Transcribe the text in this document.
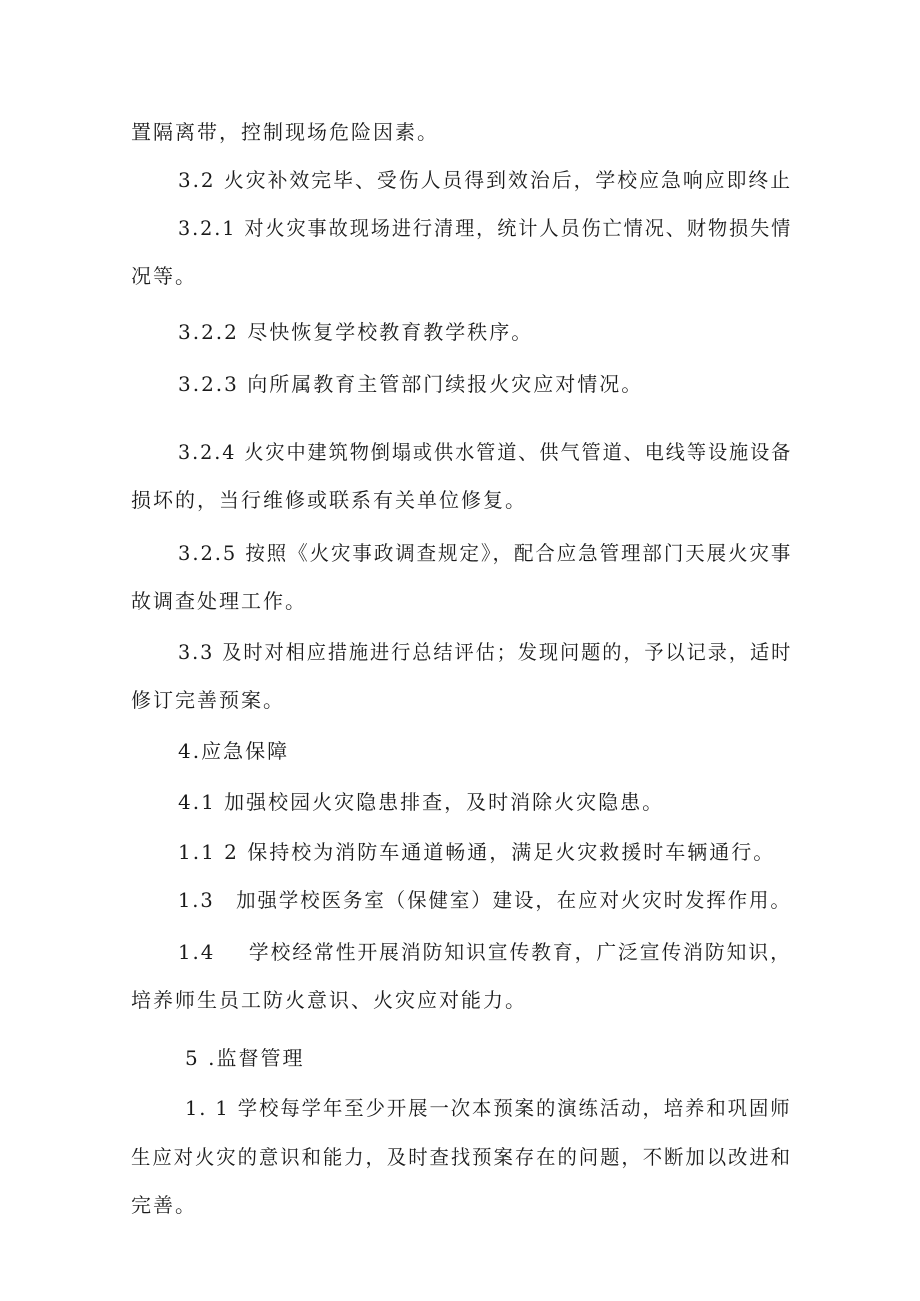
置隔离带，控制现场危险因素。
3.2 火灾补效完毕、受伤人员得到效治后，学校应急响应即终止
3.2.1 对火灾事故现场进行清理，统计人员伤亡情况、财物损失情
况等。
3.2.2 尽快恢复学校教育教学秩序。
3.2.3 向所属教育主管部门续报火灾应对情况。
3.2.4 火灾中建筑物倒塌或供水管道、供气管道、电线等设施设备
损坏的，当行维修或联系有关单位修复。
3.2.5 按照《火灾事政调查规定》，配合应急管理部门天展火灾事
故调查处理工作。
3.3 及时对相应措施进行总结评估；发现问题的，予以记录，适时
修订完善预案。
4.应急保障
4.1 加强校园火灾隐患排查，及时消除火灾隐患。
1.1 2 保持校为消防车通道畅通，满足火灾救援时车辆通行。
1.3 加强学校医务室（保健室）建设，在应对火灾时发挥作用。
1.4 学校经常性开展消防知识宣传教育，广泛宣传消防知识，
培养师生员工防火意识、火灾应对能力。
5 .监督管理
1. 1 学校每学年至少开展一次本预案的演练活动，培养和巩固师
生应对火灾的意识和能力，及时查找预案存在的问题，不断加以改进和
完善。
